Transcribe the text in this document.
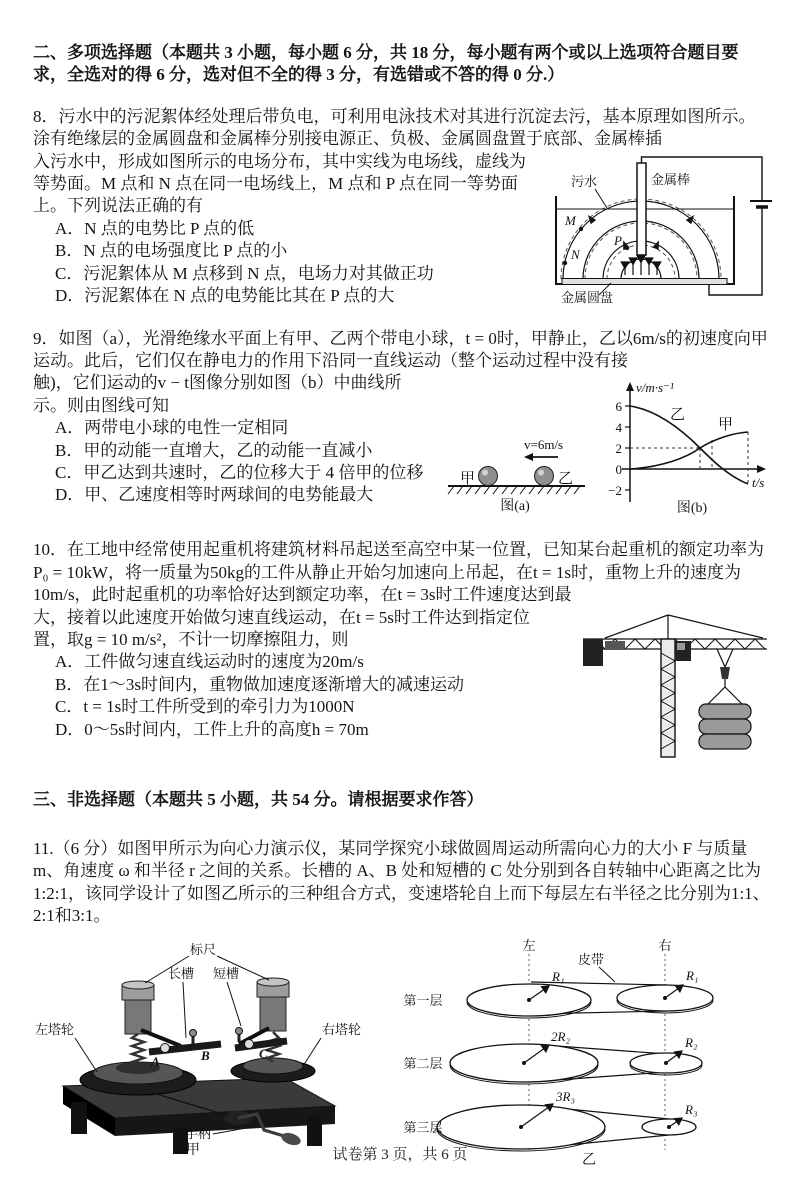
二、多项选择题（本题共 3 小题，每小题 6 分，共 18 分，每小题有两个或以上选项符合题目要求，全选对的得 6 分，选对但不全的得 3 分，有选错或不答的得 0 分.）

8．污水中的污泥絮体经处理后带负电，可利用电泳技术对其进行沉淀去污，基本原理如图所示。涂有绝缘层的金属圆盘和金属棒分别接电源正、负极、金属圆盘置于底部、金属棒插

M
N
P
污水	金属棒
金属圆盘

入污水中，形成如图所示的电场分布，其中实线为电场线，虚线为等势面。M 点和 N 点在同一电场线上，M 点和 P 点在同一等势面上。下列说法正确的有

A．N 点的电势比 P 点的低
B．N 点的电场强度比 P 点的小
C．污泥絮体从 M 点移到 N 点，电场力对其做正功
D．污泥絮体在 N 点的电势能比其在 P 点的大

9．如图（a），光滑绝缘水平面上有甲、乙两个带电小球，t = 0时，甲静止，乙以6m/s的初速度向甲运动。此后，它们仅在静电力的作用下沿同一直线运动（整个运动过程中没有接

甲	乙
v=6m/s
图(a)
v/m·s⁻¹
t/s
6
4
2
0
−2
乙
甲
图(b)

触)，它们运动的v − t图像分别如图（b）中曲线所示。则由图线可知

A．两带电小球的电性一定相同
B．甲的动能一直增大，乙的动能一直减小
C．甲乙达到共速时，乙的位移大于 4 倍甲的位移
D．甲、乙速度相等时两球间的电势能最大

10．在工地中经常使用起重机将建筑材料吊起送至高空中某一位置，已知某台起重机的额定功率为P₀ = 10kW，将一质量为50kg的工件从静止开始匀加速向上吊起，在t = 1s时，重物上升的速度为10m/s，此时起重机的功率恰好达到额定功率，在t = 3s时工件速度达到最

大，接着以此速度开始做匀速直线运动，在t = 5s时工件达到指定位置，取g = 10 m/s²，不计一切摩擦阻力，则

A．工件做匀速直线运动时的速度为20m/s
B．在1～3s时间内，重物做加速度逐渐增大的减速运动
C．t = 1s时工件所受到的牵引力为1000N
D．0～5s时间内，工件上升的高度h = 70m

三、非选择题（本题共 5 小题，共 54 分。请根据要求作答）

11.（6 分）如图甲所示为向心力演示仪，某同学探究小球做圆周运动所需向心力的大小 F 与质量 m、角速度 ω 和半径 r 之间的关系。长槽的 A、B 处和短槽的 C 处分别到各自转轴中心距离之比为1:2:1，该同学设计了如图乙所示的三种组合方式，变速塔轮自上而下每层左右半径之比分别为1:1、2:1和3:1。

标尺
长槽 短槽
左塔轮	右塔轮
A	B	C
手柄
甲
左	右
皮带
R₁	R₁
第一层
2R₂	R₂
第二层
3R₃
R₃
第三层
乙
试卷第 3 页，共 6 页
